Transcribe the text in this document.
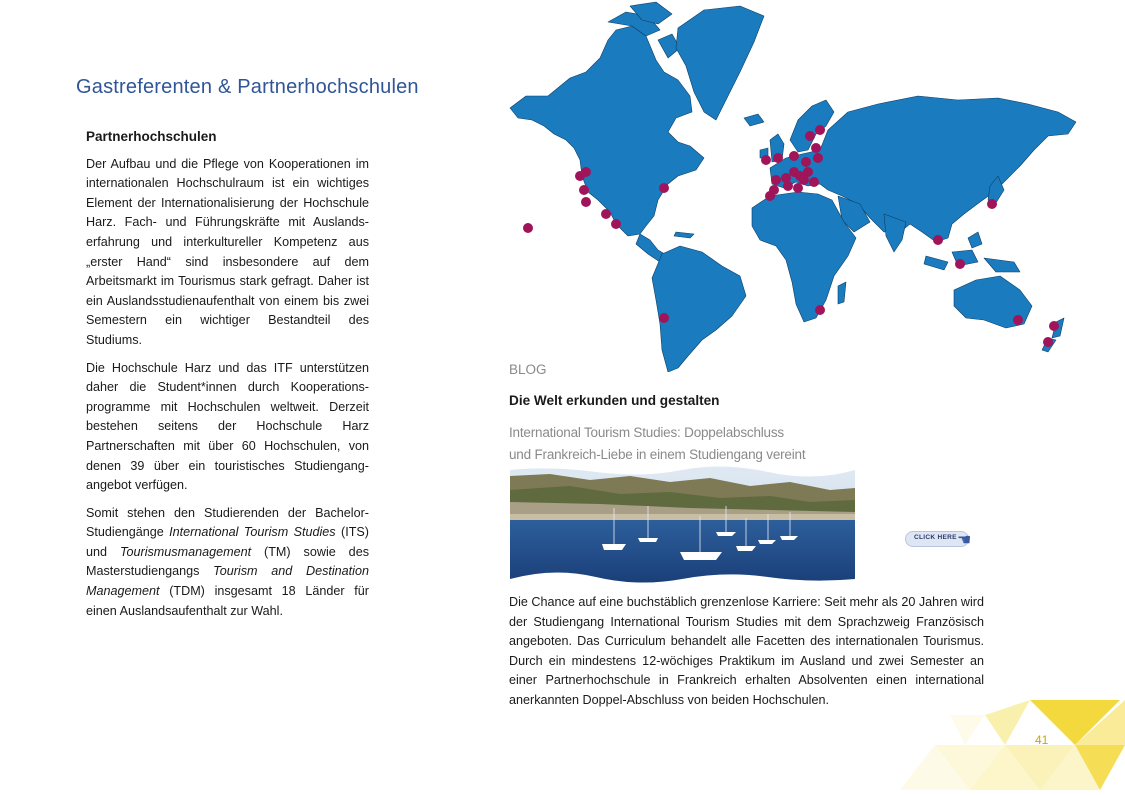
Gastreferenten & Partnerhochschulen
Partnerhochschulen

Der Aufbau und die Pflege von Kooperationen im internationalen Hochschulraum ist ein wichtiges Element der Internationalisierung der Hochschule Harz. Fach- und Führungskräfte mit Auslands-erfahrung und interkultureller Kompetenz aus „erster Hand“ sind insbesondere auf dem Arbeitsmarkt im Tourismus stark gefragt. Daher ist ein Auslandsstudienaufenthalt von einem bis zwei Semestern ein wichtiger Bestandteil des Studiums.

Die Hochschule Harz und das ITF unterstützen daher die Student*innen durch Kooperations-programme mit Hochschulen weltweit. Derzeit bestehen seitens der Hochschule Harz Partnerschaften mit über 60 Hochschulen, von denen 39 über ein touristisches Studiengang-angebot verfügen.

Somit stehen den Studierenden der Bachelor-Studiengänge International Tourism Studies (ITS) und Tourismusmanagement (TM) sowie des Masterstudiengangs Tourism and Destination Management (TDM) insgesamt 18 Länder für einen Auslandsaufenthalt zur Wahl.

BLOG
Die Welt erkunden und gestalten
International Tourism Studies: Doppelabschluss
und Frankreich-Liebe in einem Studiengang vereint
CLICK HERE ☚

Die Chance auf eine buchstäblich grenzenlose Karriere: Seit mehr als 20 Jahren wird der Studiengang International Tourism Studies mit dem Sprachzweig Französisch angeboten. Das Curriculum behandelt alle Facetten des internationalen Tourismus. Durch ein mindestens 12-wöchiges Praktikum im Ausland und zwei Semester an einer Partnerhochschule in Frankreich erhalten Absolventen einen international anerkannten Doppel-Abschluss von beiden Hochschulen.

41
